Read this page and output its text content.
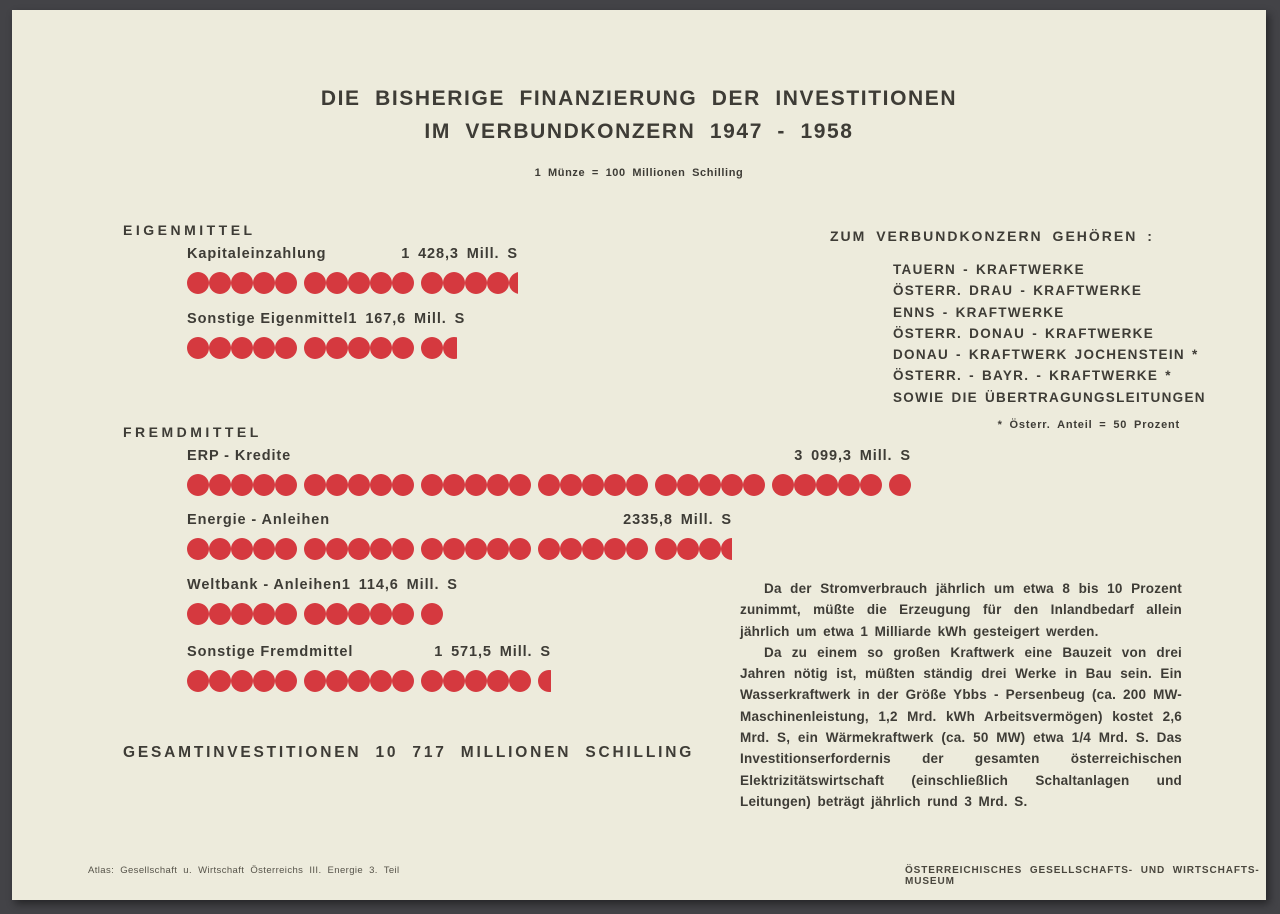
DIE BISHERIGE FINANZIERUNG DER INVESTITIONEN
IM VERBUNDKONZERN 1947 - 1958
1 Münze = 100 Millionen Schilling
EIGENMITTEL
Kapitaleinzahlung	1 428,3 Mill. S
Sonstige Eigenmittel 1 167,6 Mill. S
FREMDMITTEL
ERP - Kredite	3 099,3 Mill. S
Energie - Anleihen	2335,8 Mill. S
Weltbank - Anleihen 1 114,6 Mill. S
Sonstige Fremdmittel	1 571,5 Mill. S
GESAMTINVESTITIONEN 10 717 MILLIONEN SCHILLING
ZUM VERBUNDKONZERN GEHÖREN :
TAUERN - KRAFTWERKE
ÖSTERR. DRAU - KRAFTWERKE
ENNS - KRAFTWERKE
ÖSTERR. DONAU - KRAFTWERKE
DONAU - KRAFTWERK JOCHENSTEIN *
ÖSTERR. - BAYR. - KRAFTWERKE *
SOWIE DIE ÜBERTRAGUNGSLEITUNGEN
* Österr. Anteil = 50 Prozent

Da der Stromverbrauch jährlich um etwa 8 bis 10 Prozent zunimmt, müßte die Erzeugung für den Inlandbedarf allein jährlich um etwa 1 Milliarde kWh gesteigert werden.

Da zu einem so großen Kraftwerk eine Bauzeit von drei Jahren nötig ist, müßten ständig drei Werke in Bau sein. Ein Wasserkraftwerk in der Größe Ybbs - Persenbeug (ca. 200 MW-Maschinenleistung, 1,2 Mrd. kWh Arbeitsvermögen) kostet 2,6 Mrd. S, ein Wärmekraftwerk (ca. 50 MW) etwa 1/4 Mrd. S. Das Investitionserfordernis der gesamten österreichischen Elektrizitätswirtschaft (einschließlich Schaltanlagen und Leitungen) beträgt jährlich rund 3 Mrd. S.

Atlas: Gesellschaft u. Wirtschaft Österreichs III. Energie 3. Teil	ÖSTERREICHISCHES GESELLSCHAFTS- UND WIRTSCHAFTS- MUSEUM
